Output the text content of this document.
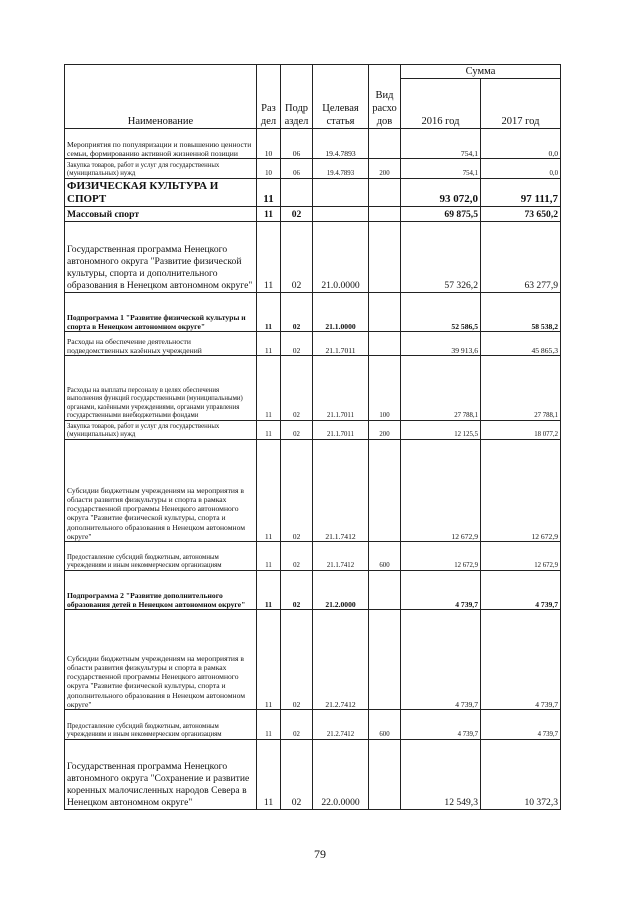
Наименование	Раз дел	Подр аздел	Целевая статья	Вид расхо дов	Сумма	
					2016 год	2017 год
Мероприятия по популяризации и повышению ценности семьи, формированию активной жизненной позиции	10	06	19.4.7893		754,1	0,0
Закупка товаров, работ и услуг для государственных (муниципальных) нужд	10	06	19.4.7893	200	754,1	0,0
ФИЗИЧЕСКАЯ КУЛЬТУРА И СПОРТ	11				93 072,0	97 111,7
Массовый спорт	11	02			69 875,5	73 650,2
Государственная программа Ненецкого автономного округа "Развитие физической культуры, спорта и дополнительного образования в Ненецком автономном округе"	11	02	21.0.0000		57 326,2	63 277,9
Подпрограмма 1 "Развитие физической культуры и спорта в Ненецком автономном округе"	11	02	21.1.0000		52 586,5	58 538,2
Расходы на обеспечение деятельности подведомственных казённых учреждений	11	02	21.1.7011		39 913,6	45 865,3
Расходы на выплаты персоналу в целях обеспечения выполнения функций государственными (муниципальными) органами, казёнными учреждениями, органами управления государственными внебюджетными фондами	11	02	21.1.7011	100	27 788,1	27 788,1
Закупка товаров, работ и услуг для государственных (муниципальных) нужд	11	02	21.1.7011	200	12 125,5	18 077,2
Субсидии бюджетным учреждениям на мероприятия в области развития физкультуры и спорта в рамках государственной программы Ненецкого автономного округа "Развитие физической культуры, спорта и дополнительного образования в Ненецком автономном округе"	11	02	21.1.7412		12 672,9	12 672,9
Предоставление субсидий бюджетным, автономным учреждениям и иным некоммерческим организациям	11	02	21.1.7412	600	12 672,9	12 672,9
Подпрограмма 2 "Развитие дополнительного образования детей в Ненецком автономном округе"	11	02	21.2.0000		4 739,7	4 739,7
Субсидии бюджетным учреждениям на мероприятия в области развития физкультуры и спорта в рамках государственной программы Ненецкого автономного округа "Развитие физической культуры, спорта и дополнительного образования в Ненецком автономном округе"	11	02	21.2.7412		4 739,7	4 739,7
Предоставление субсидий бюджетным, автономным учреждениям и иным некоммерческим организациям	11	02	21.2.7412	600	4 739,7	4 739,7
Государственная программа Ненецкого автономного округа "Сохранение и развитие коренных малочисленных народов Севера в Ненецком автономном округе"	11	02	22.0.0000		12 549,3	10 372,3
79
